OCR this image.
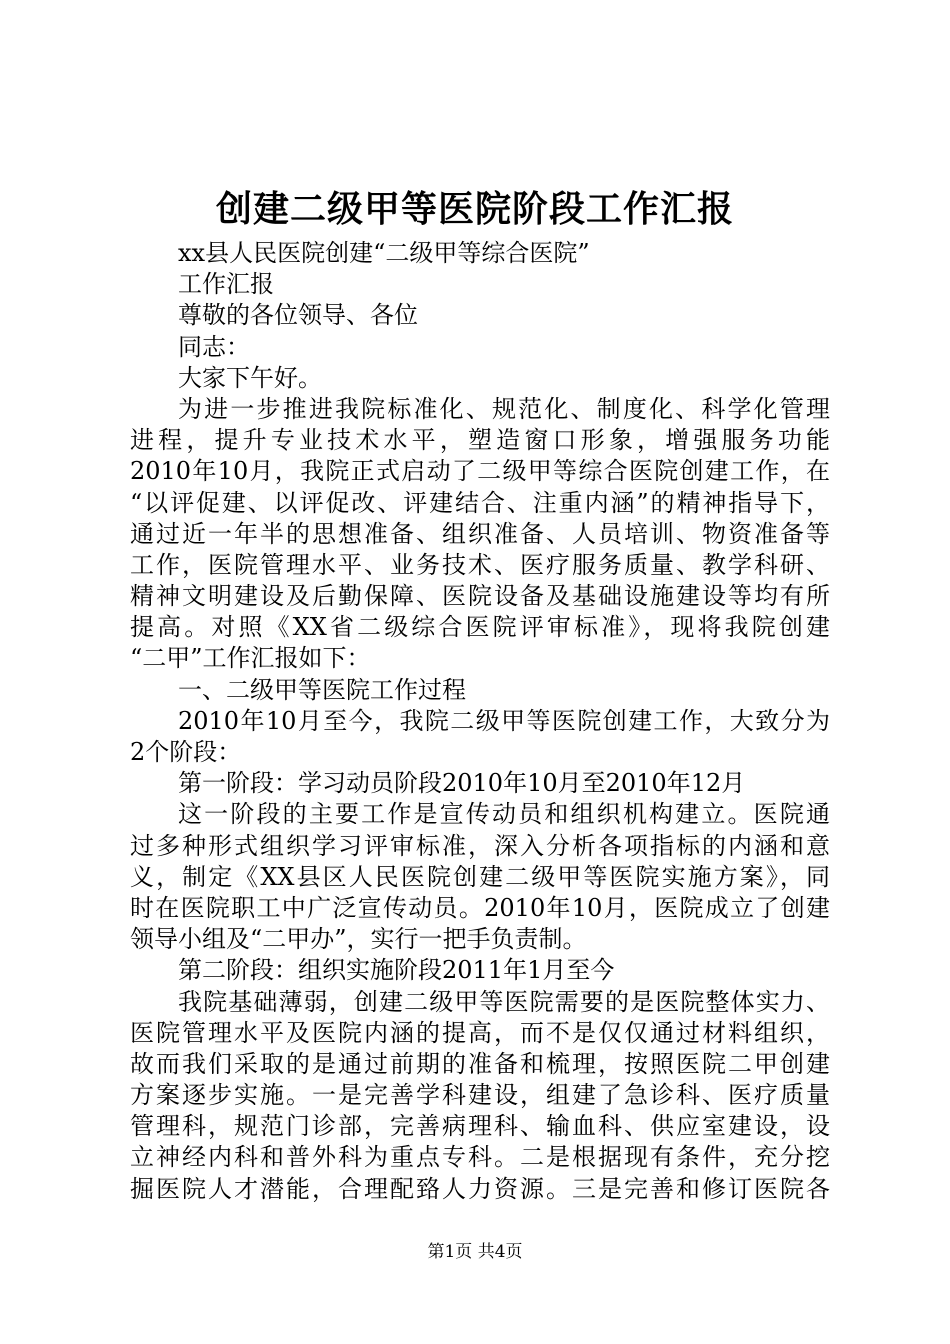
创建二级甲等医院阶段工作汇报
xx县人民医院创建“二级甲等综合医院”
工作汇报
尊敬的各位领导、各位
同志：
大家下午好。
为进一步推进我院标准化、规范化、制度化、科学化管理
进程，提升专业技术水平，塑造窗口形象，增强服务功能
2010年10月，我院正式启动了二级甲等综合医院创建工作，在
“以评促建、以评促改、评建结合、注重内涵”的精神指导下，
通过近一年半的思想准备、组织准备、人员培训、物资准备等
工作，医院管理水平、业务技术、医疗服务质量、教学科研、
精神文明建设及后勤保障、医院设备及基础设施建设等均有所
提高。对照《XX省二级综合医院评审标准》，现将我院创建
“二甲”工作汇报如下：
一、二级甲等医院工作过程
2010年10月至今，我院二级甲等医院创建工作，大致分为
2个阶段：
第一阶段：学习动员阶段2010年10月至2010年12月
这一阶段的主要工作是宣传动员和组织机构建立。医院通
过多种形式组织学习评审标准，深入分析各项指标的内涵和意
义，制定《XX县区人民医院创建二级甲等医院实施方案》，同
时在医院职工中广泛宣传动员。2010年10月，医院成立了创建
领导小组及“二甲办”，实行一把手负责制。
第二阶段：组织实施阶段2011年1月至今
我院基础薄弱，创建二级甲等医院需要的是医院整体实力、
医院管理水平及医院内涵的提高，而不是仅仅通过材料组织，
故而我们采取的是通过前期的准备和梳理，按照医院二甲创建
方案逐步实施。一是完善学科建设，组建了急诊科、医疗质量
管理科，规范门诊部，完善病理科、输血科、供应室建设，设
立神经内科和普外科为重点专科。二是根据现有条件，充分挖
掘医院人才潜能，合理配臵人力资源。三是完善和修订医院各
第1页 共4页
